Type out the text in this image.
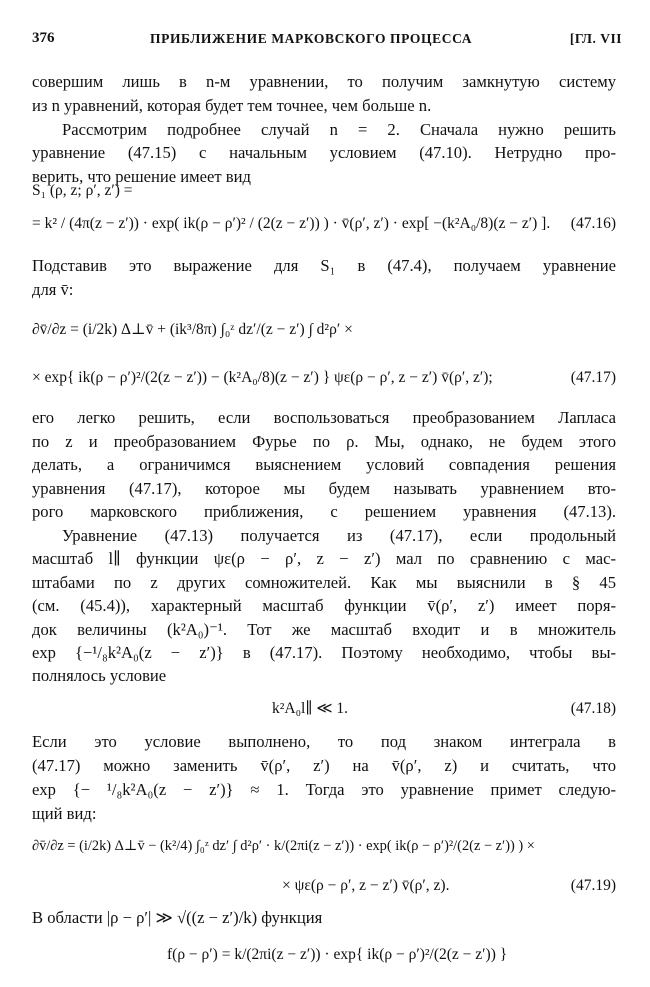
376	ПРИБЛИЖЕНИЕ МАРКОВСКОГО ПРОЦЕССА	[ГЛ. VII
совершим лишь в n-м уравнении, то получим замкнутую систему
из n уравнений, которая будет тем точнее, чем больше n.
Рассмотрим подробнее случай n = 2. Сначала нужно решить
уравнение (47.15) с начальным условием (47.10). Нетрудно про-
верить, что решение имеет вид
S₁ (ρ, z; ρ′, z′) =
= k² / (4π(z − z′)) · exp( ik(ρ − ρ′)² / (2(z − z′)) ) · v̄(ρ′, z′) · exp[ −(k²A₀/8)(z − z′) ]. (47.16)
Подставив это выражение для S₁ в (47.4), получаем уравнение
для v̄:
∂v̄/∂z = (i/2k) Δ⊥v̄ + (ik³/8π) ∫₀ᶻ dz′/(z − z′) ∫ d²ρ′ ×
× exp{ ik(ρ − ρ′)²/(2(z − z′)) − (k²A₀/8)(z − z′) } ψε(ρ − ρ′, z − z′) v̄(ρ′, z′);	(47.17)
его легко решить, если воспользоваться преобразованием Лапласа
по z и преобразованием Фурье по ρ. Мы, однако, не будем этого
делать, а ограничимся выяснением условий совпадения решения
уравнения (47.17), которое мы будем называть уравнением вто-
рого марковского приближения, с решением уравнения (47.13).
Уравнение (47.13) получается из (47.17), если продольный
масштаб l∥ функции ψε(ρ − ρ′, z − z′) мал по сравнению с мас-
штабами по z других сомножителей. Как мы выяснили в § 45
(см. (45.4)), характерный масштаб функции v̄(ρ′, z′) имеет поря-
док величины (k²A₀)⁻¹. Тот же масштаб входит и в множитель
exp {−¹/₈k²A₀(z − z′)} в (47.17). Поэтому необходимо, чтобы вы-
полнялось условие
k²A₀l∥ ≪ 1.	(47.18)
Если это условие выполнено, то под знаком интеграла в
(47.17) можно заменить v̄(ρ′, z′) на v̄(ρ′, z) и считать, что
exp {− ¹/₈k²A₀(z − z′)} ≈ 1. Тогда это уравнение примет следую-
щий вид:
∂v̄/∂z = (i/2k) Δ⊥v̄ − (k²/4) ∫₀ᶻ dz′ ∫ d²ρ′ · k/(2πi(z − z′)) · exp( ik(ρ − ρ′)²/(2(z − z′)) ) ×
× ψε(ρ − ρ′, z − z′) v̄(ρ′, z).	(47.19)
В области |ρ − ρ′| ≫ √((z − z′)/k) функция
f(ρ − ρ′) = k/(2πi(z − z′)) · exp{ ik(ρ − ρ′)²/(2(z − z′)) }
